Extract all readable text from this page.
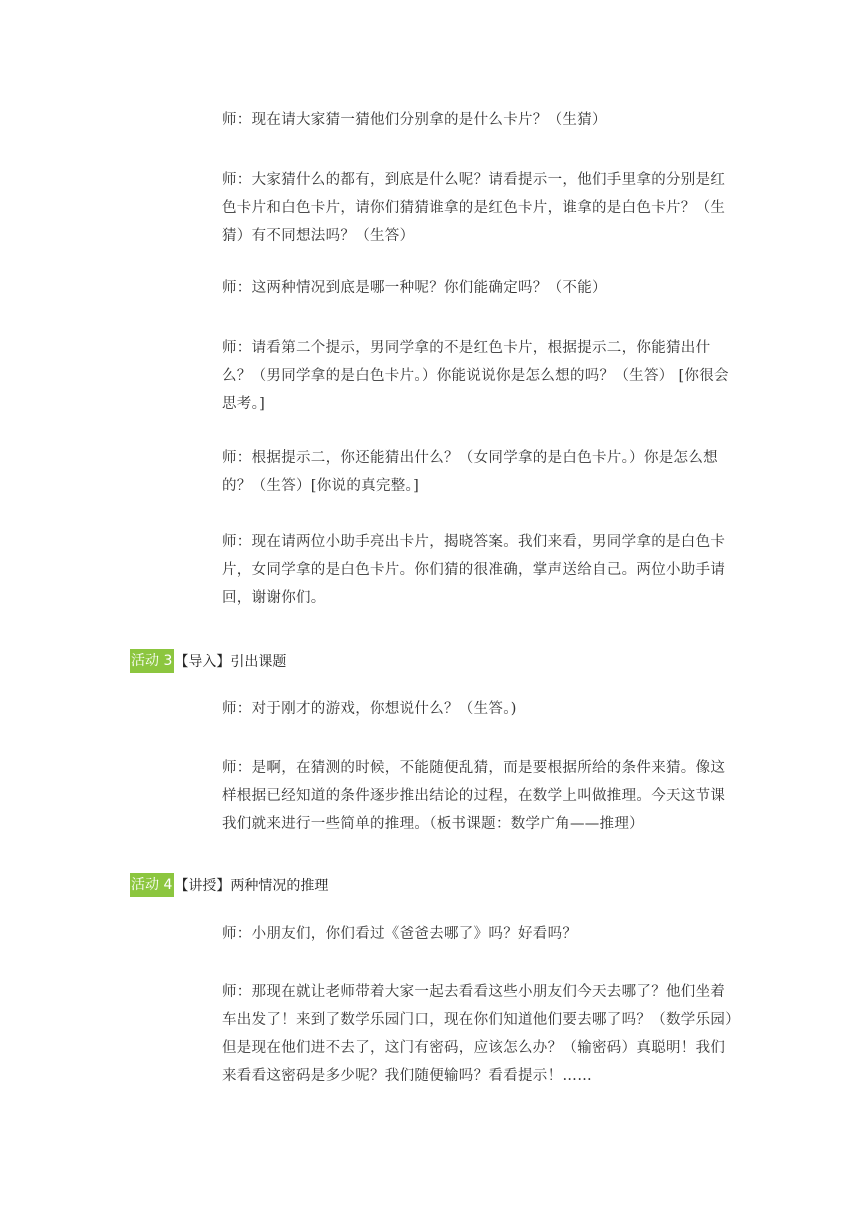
师：现在请大家猜一猜他们分别拿的是什么卡片？（生猜）

师：大家猜什么的都有，到底是什么呢？请看提示一，他们手里拿的分别是红色卡片和白色卡片，请你们猜猜谁拿的是红色卡片，谁拿的是白色卡片？（生猜）有不同想法吗？（生答）

师：这两种情况到底是哪一种呢？你们能确定吗？（不能）

师：请看第二个提示，男同学拿的不是红色卡片，根据提示二，你能猜出什么？（男同学拿的是白色卡片。）你能说说你是怎么想的吗？（生答） [你很会思考。]

师：根据提示二，你还能猜出什么？（女同学拿的是白色卡片。）你是怎么想的？（生答）[你说的真完整。]

师：现在请两位小助手亮出卡片，揭晓答案。我们来看，男同学拿的是白色卡片，女同学拿的是白色卡片。你们猜的很准确，掌声送给自己。两位小助手请回，谢谢你们。

活动 3 【导入】引出课题

师：对于刚才的游戏，你想说什么？（生答。)

师：是啊，在猜测的时候，不能随便乱猜，而是要根据所给的条件来猜。像这样根据已经知道的条件逐步推出结论的过程，在数学上叫做推理。今天这节课我们就来进行一些简单的推理。（板书课题：数学广角——推理）

活动 4 【讲授】两种情况的推理

师：小朋友们，你们看过《爸爸去哪了》吗？好看吗？

师：那现在就让老师带着大家一起去看看这些小朋友们今天去哪了？他们坐着车出发了！来到了数学乐园门口，现在你们知道他们要去哪了吗？（数学乐园）但是现在他们进不去了，这门有密码，应该怎么办？（输密码）真聪明！我们来看看这密码是多少呢？我们随便输吗？看看提示！……
